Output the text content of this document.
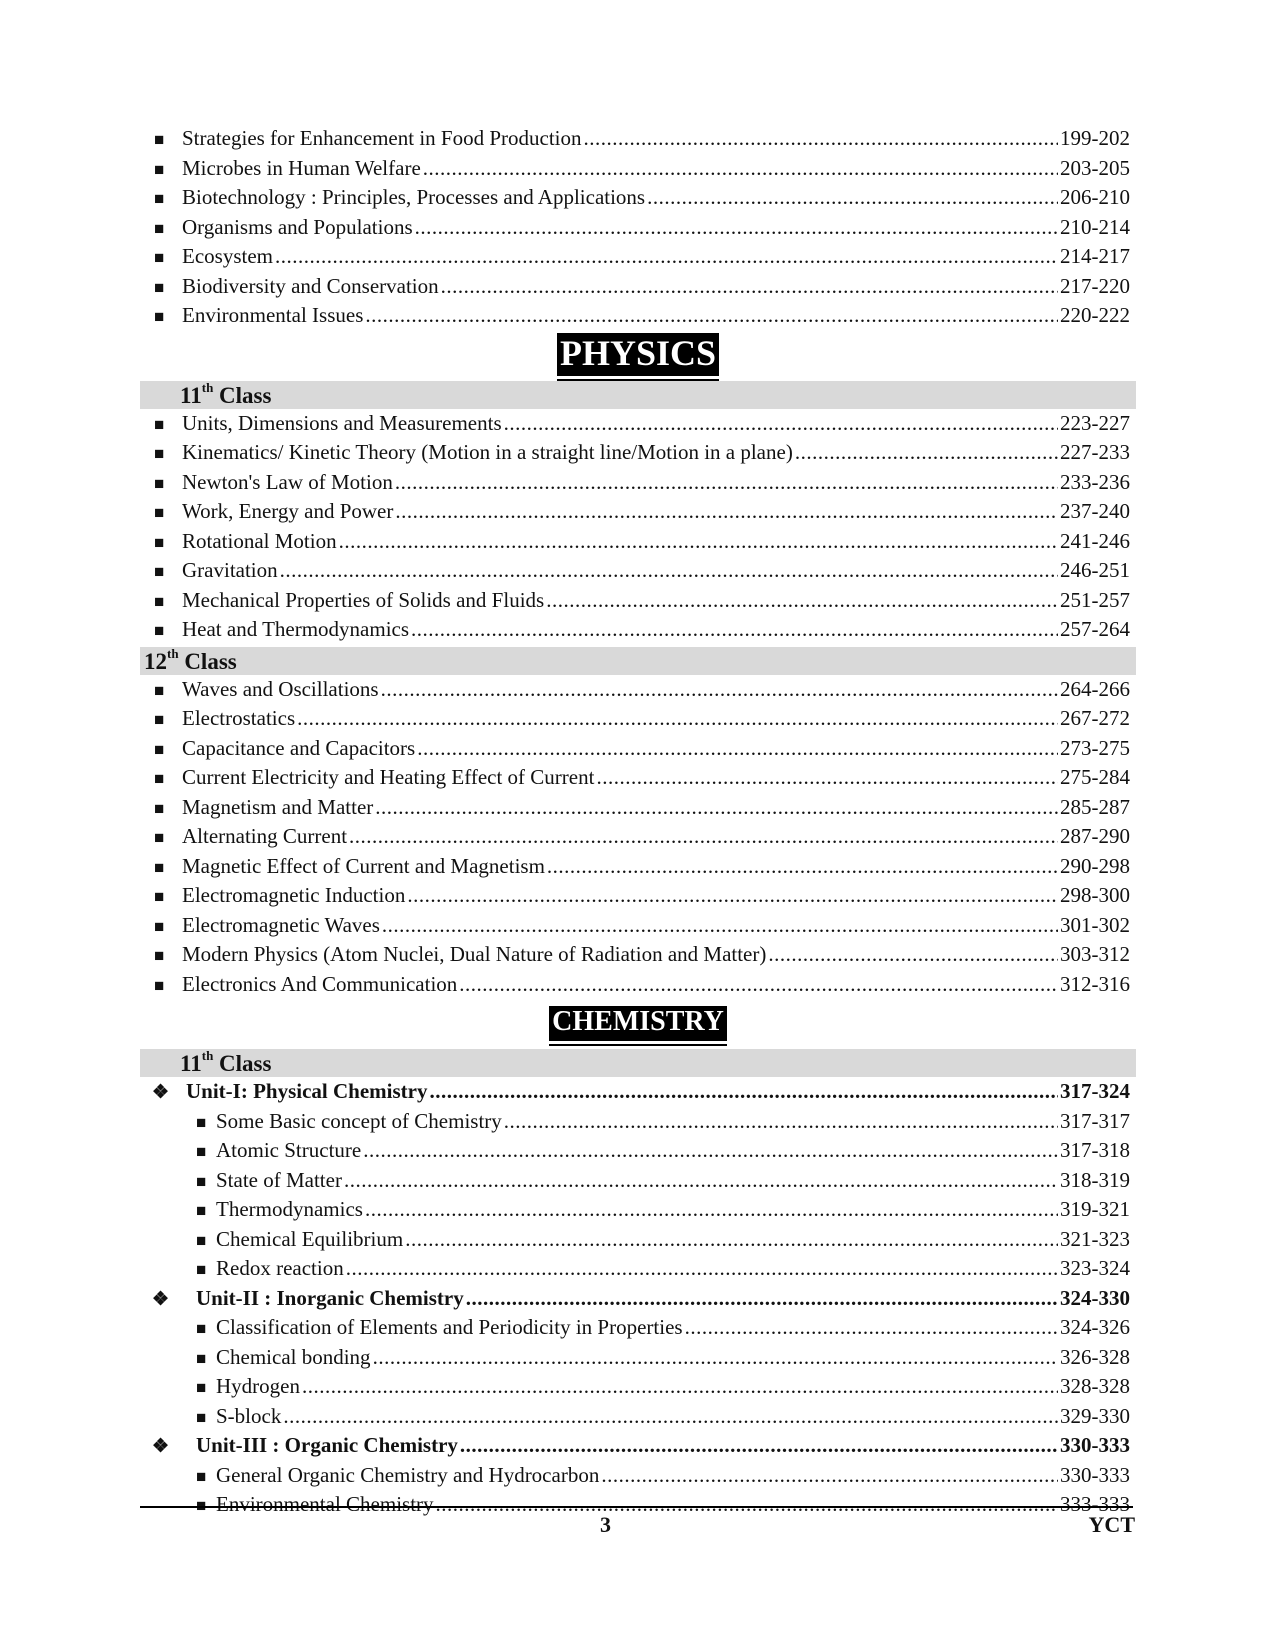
■ Strategies for Enhancement in Food Production .....	199-202
■ Microbes in Human Welfare .....	203-205
■ Biotechnology : Principles, Processes and Applications .....	206-210
■ Organisms and Populations .....	210-214
■ Ecosystem .....	214-217
■ Biodiversity and Conservation .....	217-220
■ Environmental Issues .....	220-222
PHYSICS
11th Class
■ Units, Dimensions and Measurements .....	223-227
■ Kinematics/ Kinetic Theory (Motion in a straight line/Motion in a plane) .....	227-233
■ Newton's Law of Motion .....	233-236
■ Work, Energy and Power .....	237-240
■ Rotational Motion .....	241-246
■ Gravitation .....	246-251
■ Mechanical Properties of Solids and Fluids .....	251-257
■ Heat and Thermodynamics .....	257-264
12th Class
■ Waves and Oscillations .....	264-266
■ Electrostatics .....	267-272
■ Capacitance and Capacitors .....	273-275
■ Current Electricity and Heating Effect of Current .....	275-284
■ Magnetism and Matter .....	285-287
■ Alternating Current .....	287-290
■ Magnetic Effect of Current and Magnetism .....	290-298
■ Electromagnetic Induction .....	298-300
■ Electromagnetic Waves .....	301-302
■ Modern Physics (Atom Nuclei, Dual Nature of Radiation and Matter) .....	303-312
■ Electronics And Communication .....	312-316
CHEMISTRY
11th Class
❖ Unit-I: Physical Chemistry .....	317-324
■ Some Basic concept of Chemistry .....	317-317
■ Atomic Structure .....	317-318
■ State of Matter .....	318-319
■ Thermodynamics .....	319-321
■ Chemical Equilibrium .....	321-323
■ Redox reaction .....	323-324
❖	Unit-II : Inorganic Chemistry .....	324-330
■ Classification of Elements and Periodicity in Properties .....	324-326
■ Chemical bonding .....	326-328
■ Hydrogen .....	328-328
■ S-block .....	329-330
❖	Unit-III : Organic Chemistry .....	330-333
■ General Organic Chemistry and Hydrocarbon .....	330-333
■ Environmental Chemistry .....	333-333
3	YCT
